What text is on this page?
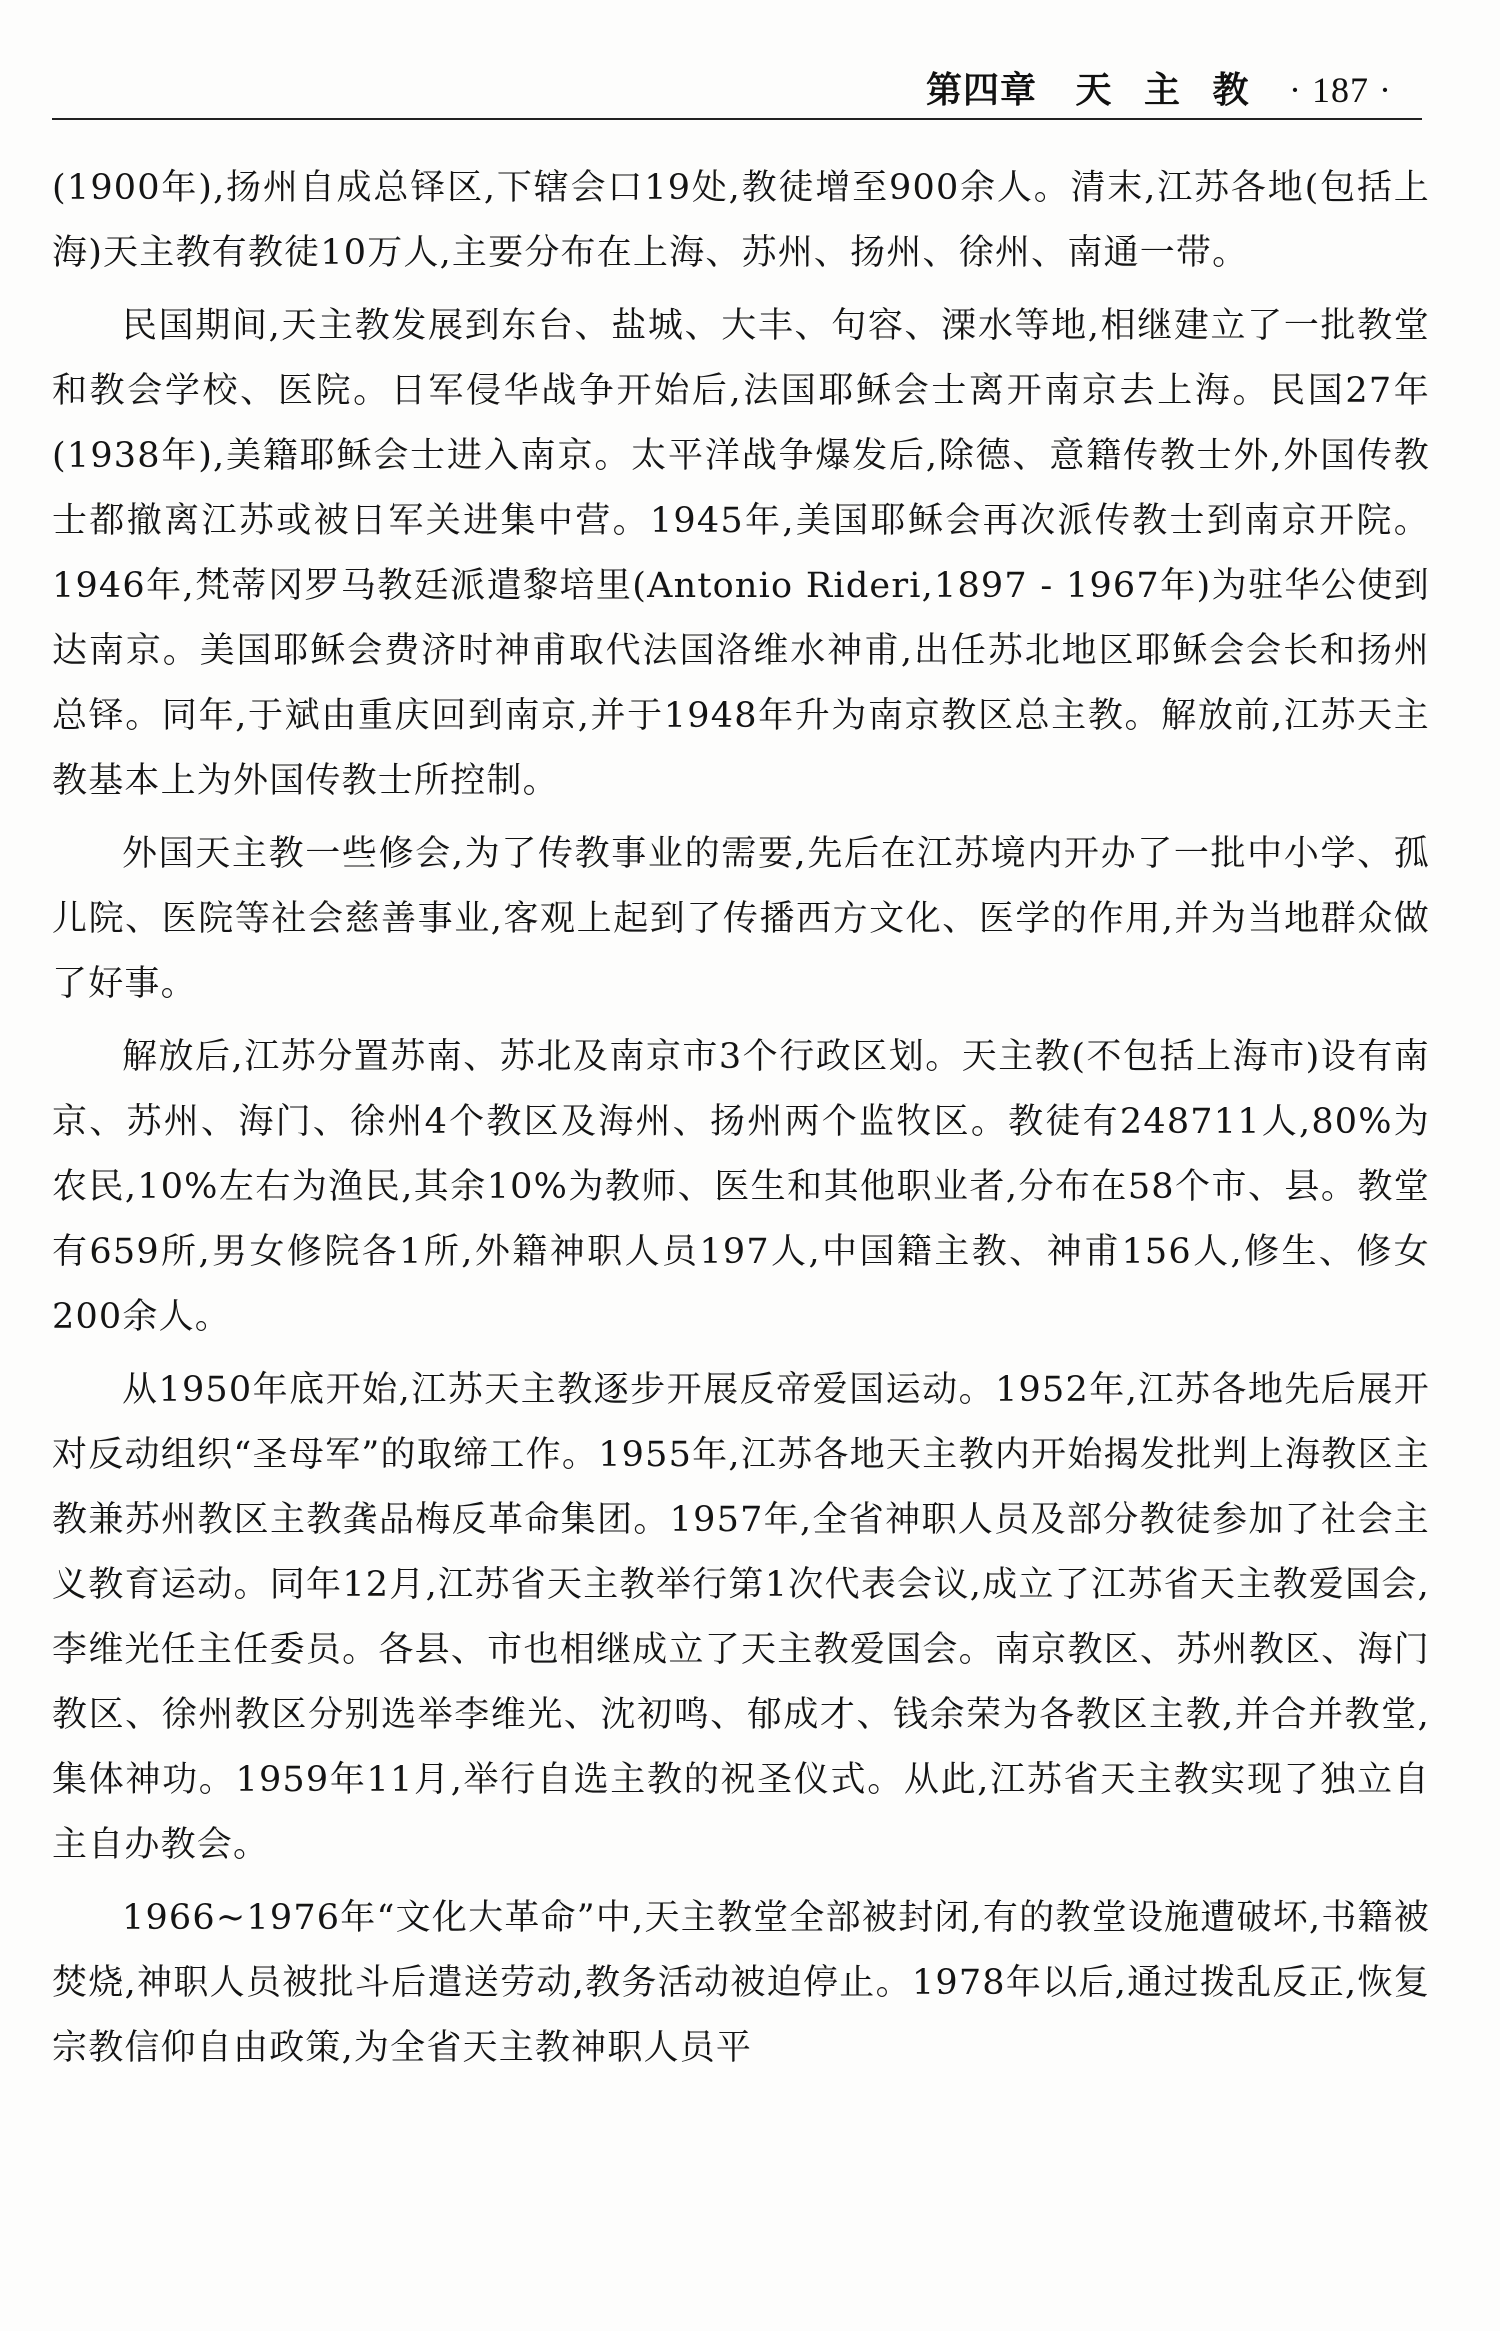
第四章 天 主 教 · 187 ·

(1900年),扬州自成总铎区,下辖会口19处,教徒增至900余人。清末,江苏各地(包括上海)天主教有教徒10万人,主要分布在上海、苏州、扬州、徐州、南通一带。

民国期间,天主教发展到东台、盐城、大丰、句容、溧水等地,相继建立了一批教堂和教会学校、医院。日军侵华战争开始后,法国耶稣会士离开南京去上海。民国27年(1938年),美籍耶稣会士进入南京。太平洋战争爆发后,除德、意籍传教士外,外国传教士都撤离江苏或被日军关进集中营。1945年,美国耶稣会再次派传教士到南京开院。1946年,梵蒂冈罗马教廷派遣黎培里(Antonio Rideri,1897 - 1967年)为驻华公使到达南京。美国耶稣会费济时神甫取代法国洛维水神甫,出任苏北地区耶稣会会长和扬州总铎。同年,于斌由重庆回到南京,并于1948年升为南京教区总主教。解放前,江苏天主教基本上为外国传教士所控制。

外国天主教一些修会,为了传教事业的需要,先后在江苏境内开办了一批中小学、孤儿院、医院等社会慈善事业,客观上起到了传播西方文化、医学的作用,并为当地群众做了好事。

解放后,江苏分置苏南、苏北及南京市3个行政区划。天主教(不包括上海市)设有南京、苏州、海门、徐州4个教区及海州、扬州两个监牧区。教徒有248711人,80%为农民,10%左右为渔民,其余10%为教师、医生和其他职业者,分布在58个市、县。教堂有659所,男女修院各1所,外籍神职人员197人,中国籍主教、神甫156人,修生、修女200余人。

从1950年底开始,江苏天主教逐步开展反帝爱国运动。1952年,江苏各地先后展开对反动组织“圣母军”的取缔工作。1955年,江苏各地天主教内开始揭发批判上海教区主教兼苏州教区主教龚品梅反革命集团。1957年,全省神职人员及部分教徒参加了社会主义教育运动。同年12月,江苏省天主教举行第1次代表会议,成立了江苏省天主教爱国会,李维光任主任委员。各县、市也相继成立了天主教爱国会。南京教区、苏州教区、海门教区、徐州教区分别选举李维光、沈初鸣、郁成才、钱余荣为各教区主教,并合并教堂,集体神功。1959年11月,举行自选主教的祝圣仪式。从此,江苏省天主教实现了独立自主自办教会。

1966~1976年“文化大革命”中,天主教堂全部被封闭,有的教堂设施遭破坏,书籍被焚烧,神职人员被批斗后遣送劳动,教务活动被迫停止。1978年以后,通过拨乱反正,恢复宗教信仰自由政策,为全省天主教神职人员平
